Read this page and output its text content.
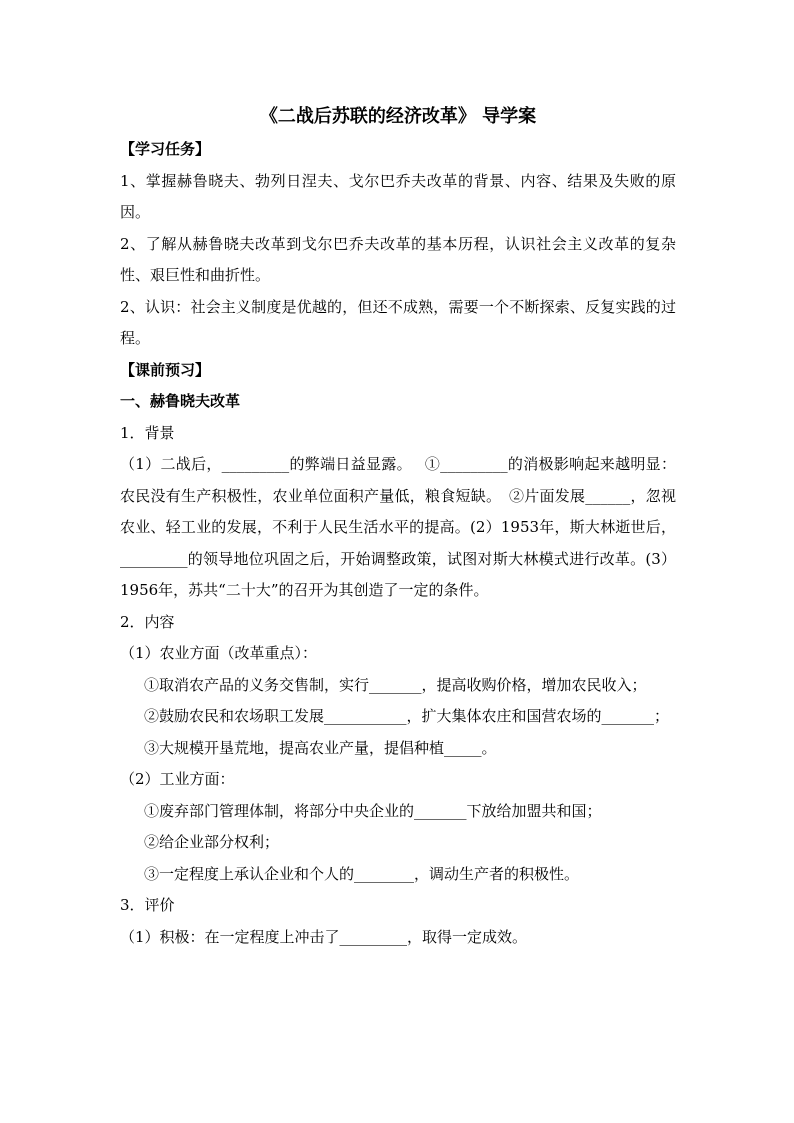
《二战后苏联的经济改革》 导学案

【学习任务】

1、掌握赫鲁晓夫、勃列日涅夫、戈尔巴乔夫改革的背景、内容、结果及失败的原因。

2、了解从赫鲁晓夫改革到戈尔巴乔夫改革的基本历程，认识社会主义改革的复杂性、艰巨性和曲折性。

2、认识：社会主义制度是优越的，但还不成熟，需要一个不断探索、反复实践的过程。

【课前预习】

一、赫鲁晓夫改革

1．背景

（1）二战后，_________的弊端日益显露。　 ①_________的消极影响起来越明显：农民没有生产积极性，农业单位面积产量低，粮食短缺。　②片面发展______，忽视农业、轻工业的发展，不利于人民生活水平的提高。(2）1953年，斯大林逝世后，_________的领导地位巩固之后，开始调整政策，试图对斯大林模式进行改革。(3）1956年，苏共“二十大”的召开为其创造了一定的条件。

2．内容

（1）农业方面（改革重点）：

①取消农产品的义务交售制，实行_______，提高收购价格，增加农民收入；

②鼓励农民和农场职工发展___________，扩大集体农庄和国营农场的_______；

③大规模开垦荒地，提高农业产量，提倡种植_____。

（2）工业方面：

①废弃部门管理体制，将部分中央企业的_______下放给加盟共和国；

②给企业部分权利；

③一定程度上承认企业和个人的________，调动生产者的积极性。

3．评价

（1）积极：在一定程度上冲击了_________，取得一定成效。
